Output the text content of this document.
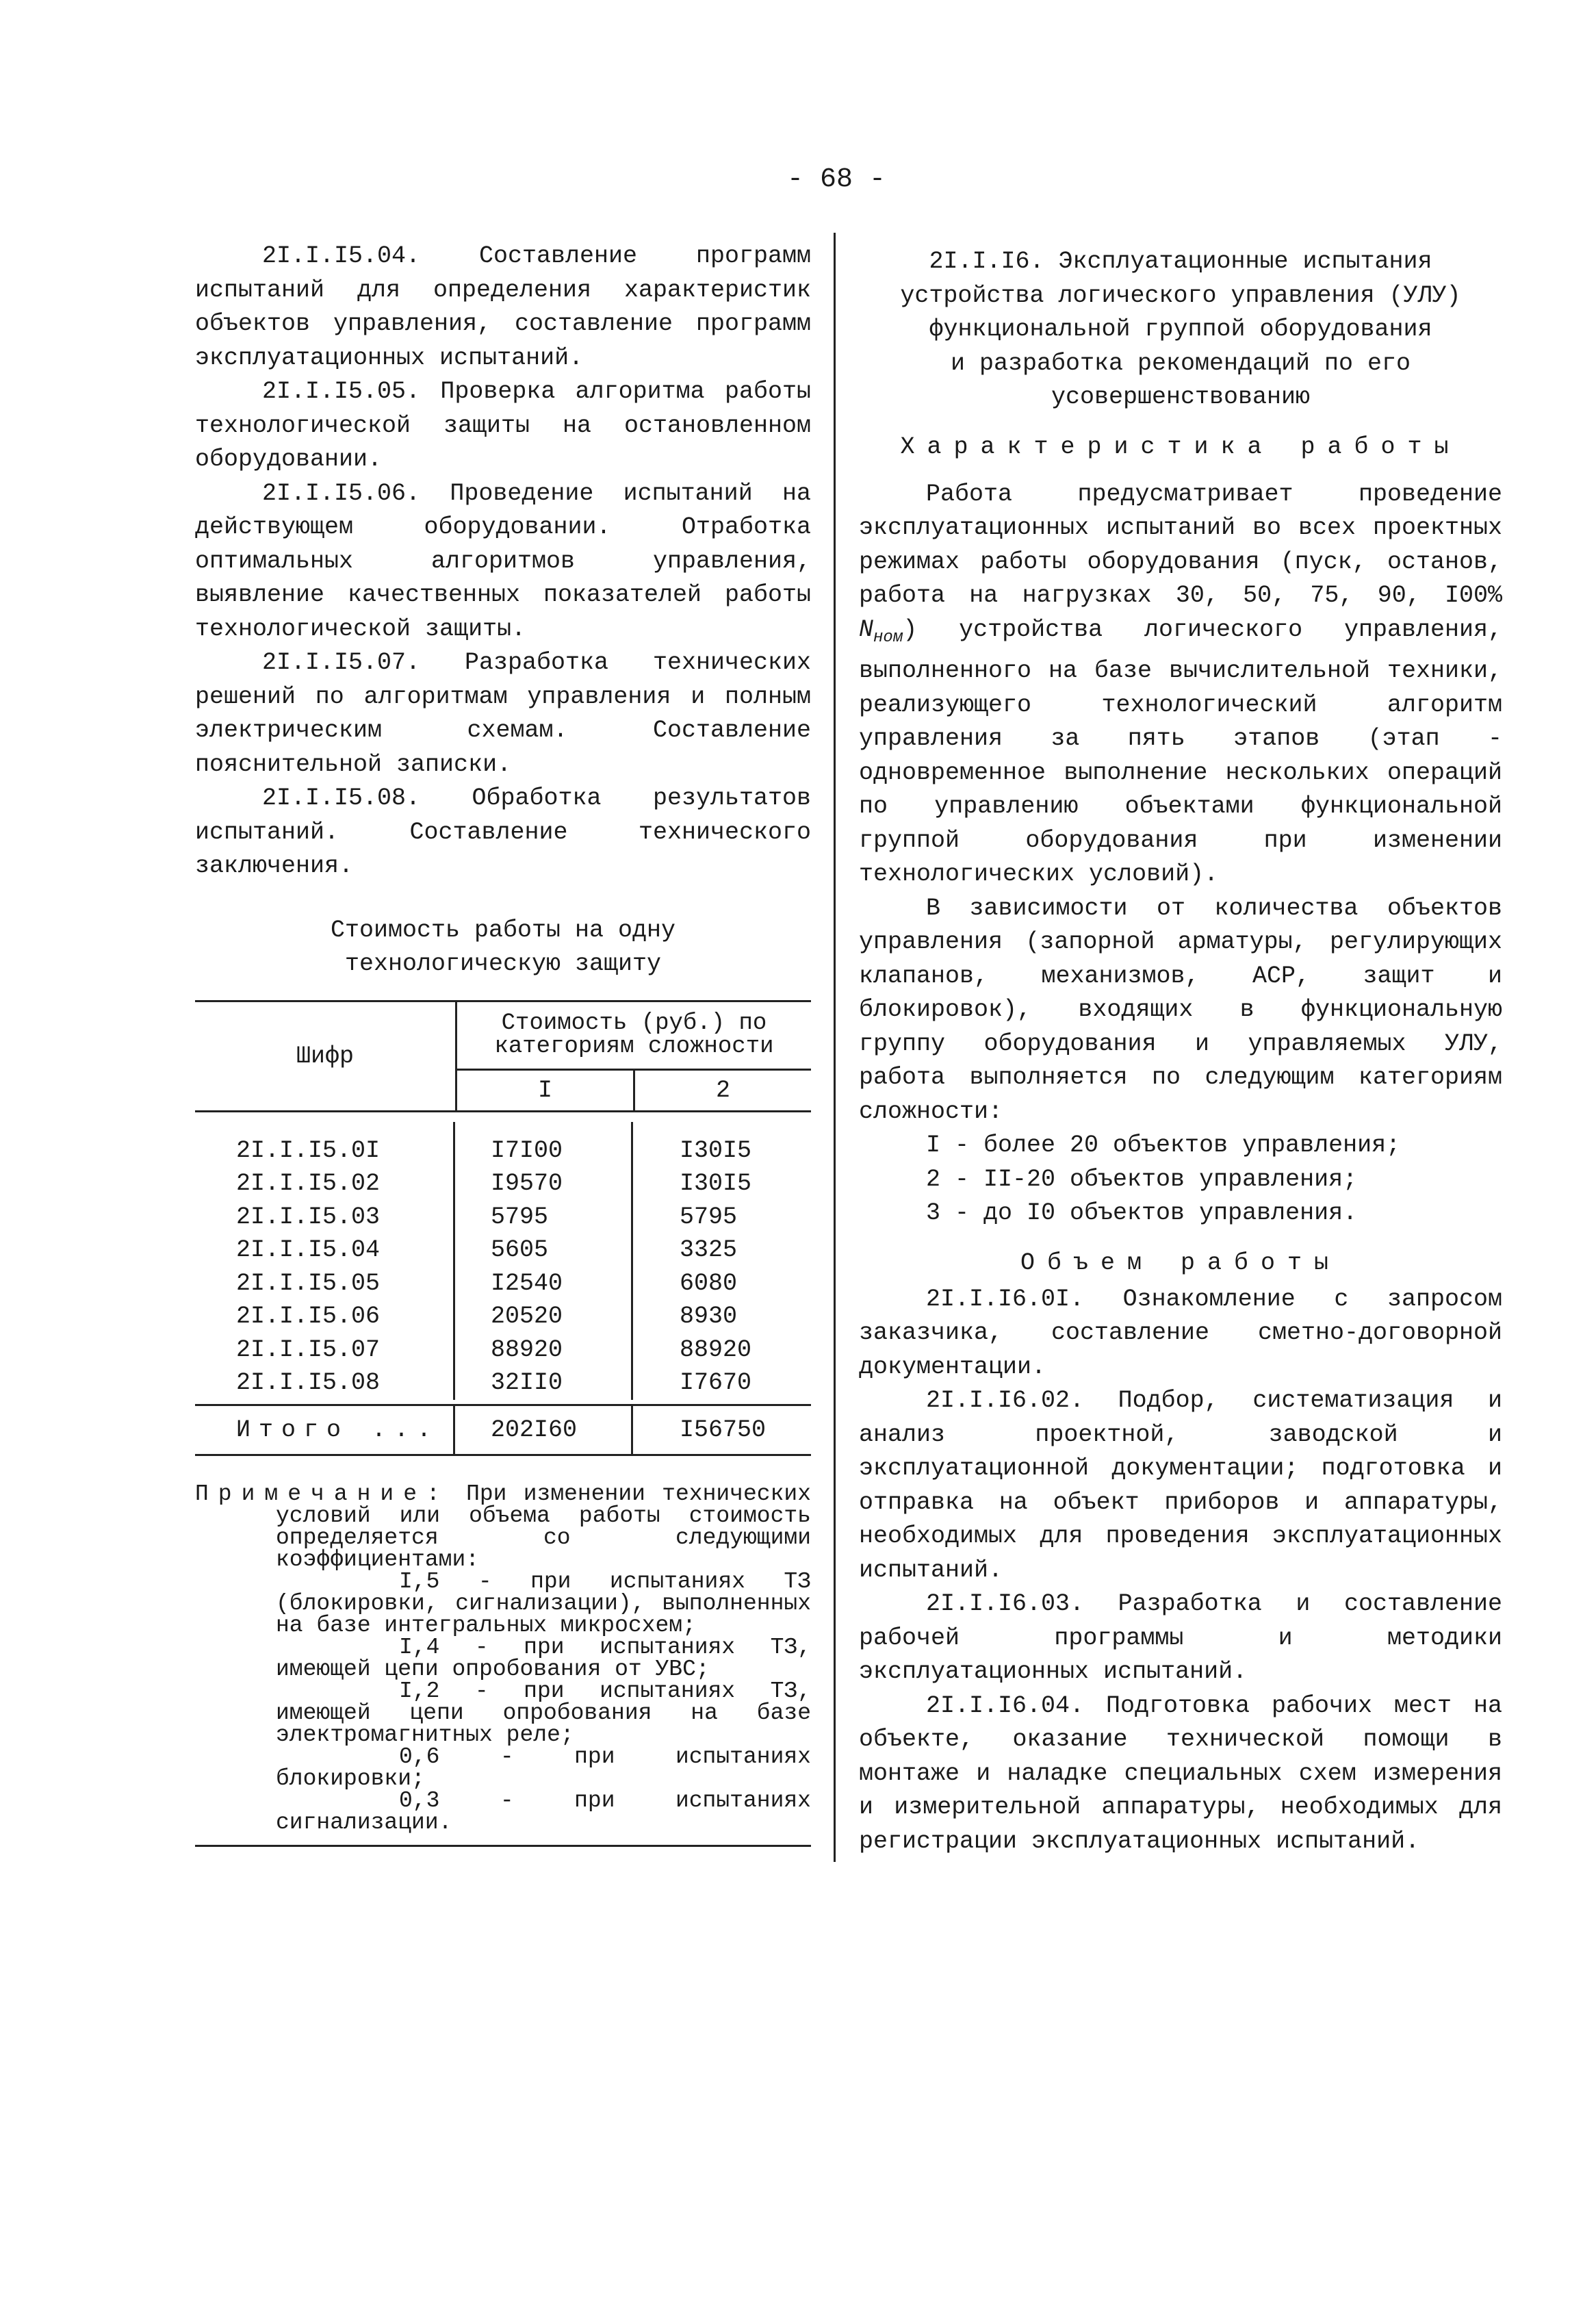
- 68 -

2I.I.I5.04. Составление программ испытаний для определения характеристик объектов управления, составление программ эксплуатационных испытаний.

2I.I.I5.05. Проверка алгоритма работы технологической защиты на остановленном оборудовании.

2I.I.I5.06. Проведение испытаний на действующем оборудовании. Отработка оптимальных алгоритмов управления, выявление качественных показателей работы технологической защиты.

2I.I.I5.07. Разработка технических решений по алгоритмам управления и полным электрическим схемам. Составление пояснительной записки.

2I.I.I5.08. Обработка результатов испытаний. Составление технического заключения.

Стоимость работы на одну технологическую защиту
Шифр
Стоимость (руб.) по категориям сложности
I	2
2I.I.I5.0I	I7I00	I30I5
2I.I.I5.02	I9570	I30I5
2I.I.I5.03	5795	5795
2I.I.I5.04	5605	3325
2I.I.I5.05	I2540	6080
2I.I.I5.06	20520	8930
2I.I.I5.07	88920	88920
2I.I.I5.08	32II0	I7670
Итого ...	202I60	I56750

Примечание: При изменении технических условий или объема работы стоимость определяется со следующими коэффициентами:

I,5 - при испытаниях ТЗ (блокировки, сигнализации), выполненных на базе интегральных микросхем;

I,4 - при испытаниях ТЗ, имеющей цепи опробования от УВС;

I,2 - при испытаниях ТЗ, имеющей цепи опробования на базе электромагнитных реле;

0,6 - при испытаниях блокировки;

0,3 - при испытаниях сигнализации.

2I.I.I6. Эксплуатационные испытания

устройства логического управления (УЛУ)

функциональной группой оборудования

и разработка рекомендаций по его

усовершенствованию

Характеристика работы

Работа предусматривает проведение эксплуатационных испытаний во всех проектных режимах работы оборудования (пуск, останов, работа на нагрузках 30, 50, 75, 90, I00% $N_{ном}$) устройства логического управления, выполненного на базе вычислительной техники, реализующего технологический алгоритм управления за пять этапов (этап - одновременное выполнение нескольких операций по управлению объектами функциональной группой оборудования при изменении технологических условий).

В зависимости от количества объектов управления (запорной арматуры, регулирующих клапанов, механизмов, АСР, защит и блокировок), входящих в функциональную группу оборудования и управляемых УЛУ, работа выполняется по следующим категориям сложности:

I - более 20 объектов управления;

2 - II-20 объектов управления;

3 - до I0 объектов управления.

Объем работы

2I.I.I6.0I. Ознакомление с запросом заказчика, составление сметно-договорной документации.

2I.I.I6.02. Подбор, систематизация и анализ проектной, заводской и эксплуатационной документации; подготовка и отправка на объект приборов и аппаратуры, необходимых для проведения эксплуатационных испытаний.

2I.I.I6.03. Разработка и составление рабочей программы и методики эксплуатационных испытаний.

2I.I.I6.04. Подготовка рабочих мест на объекте, оказание технической помощи в монтаже и наладке специальных схем измерения и измерительной аппаратуры, необходимых для регистрации эксплуатационных испытаний.
